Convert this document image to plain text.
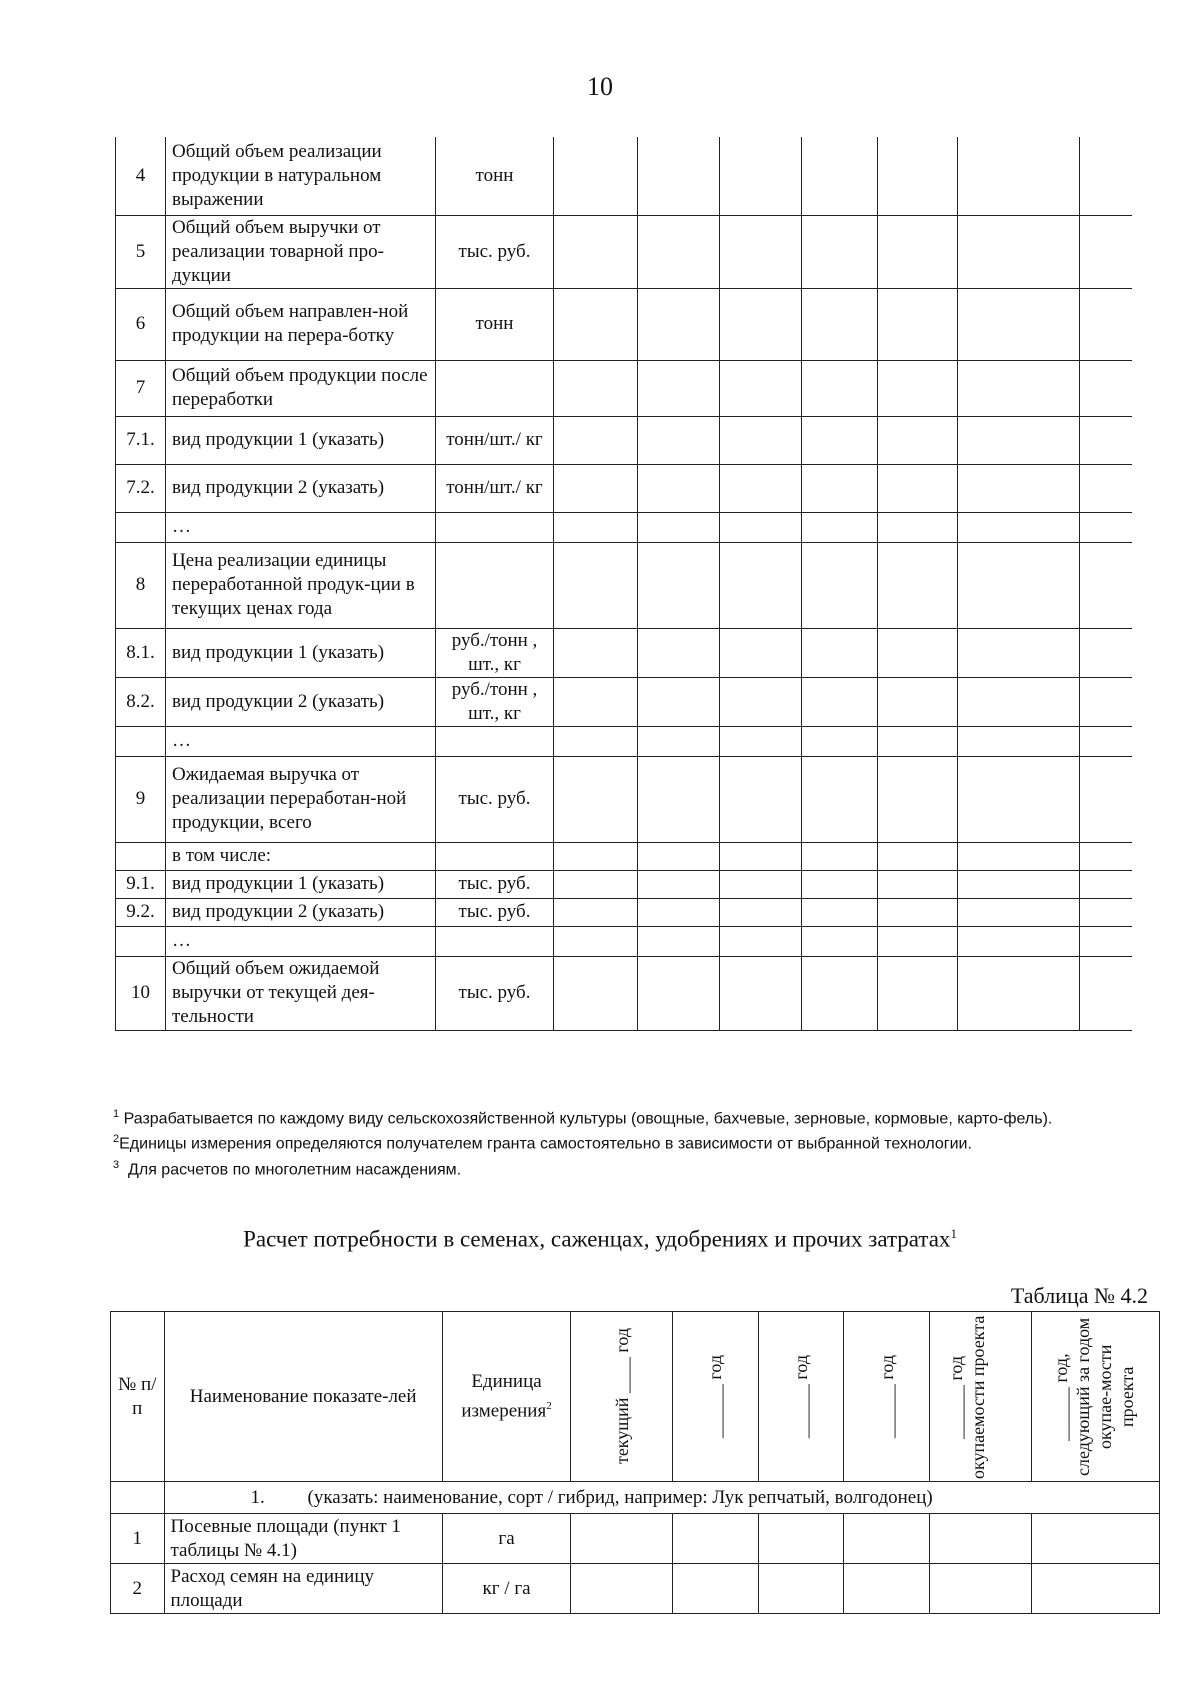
10
4	Общий объем реализации продукции в натуральном выражении	тонн							
5	Общий объем выручки от реализации товарной про-дукции	тыс. руб.							
6	Общий объем направлен-ной продукции на перера-ботку	тонн							
7	Общий объем продукции после переработки								
7.1.	вид продукции 1 (указать)	тонн/шт./ кг							
7.2.	вид продукции 2 (указать)	тонн/шт./ кг							
	…								
8	Цена реализации единицы переработанной продук-ции в текущих ценах года								
8.1.	вид продукции 1 (указать)	руб./тонн , шт., кг							
8.2.	вид продукции 2 (указать)	руб./тонн , шт., кг							
	…								
9	Ожидаемая выручка от реализации переработан-ной продукции, всего	тыс. руб.							
	в том числе:								
9.1.	вид продукции 1 (указать)	тыс. руб.							
9.2.	вид продукции 2 (указать)	тыс. руб.							
	…								
10	Общий объем ожидаемой выручки от текущей дея-тельности	тыс. руб.							

$^1$ Разрабатывается по каждому виду сельскохозяйственной культуры (овощные, бахчевые, зерновые, кормовые, карто-фель).

$^2$Единицы измерения определяются получателем гранта самостоятельно в зависимости от выбранной технологии.

$^3$ Для расчетов по многолетним насаждениям.

Расчет потребности в семенах, саженцах, удобрениях и прочих затратах$^1$
Таблица № 4.2
№ п/п	Наименование показате-лей	Единица измерения$^2$	текущий ____ год	______ год	______ год	______ год	______ год окупаемости проекта	______ год, следующий за годом окупае-мости проекта

	1. (указать: наименование, сорт / гибрид, например: Лук репчатый, волгодонец)							
1	Посевные площади (пункт 1 таблицы № 4.1)	га						
2	Расход семян на единицу площади	кг / га						
